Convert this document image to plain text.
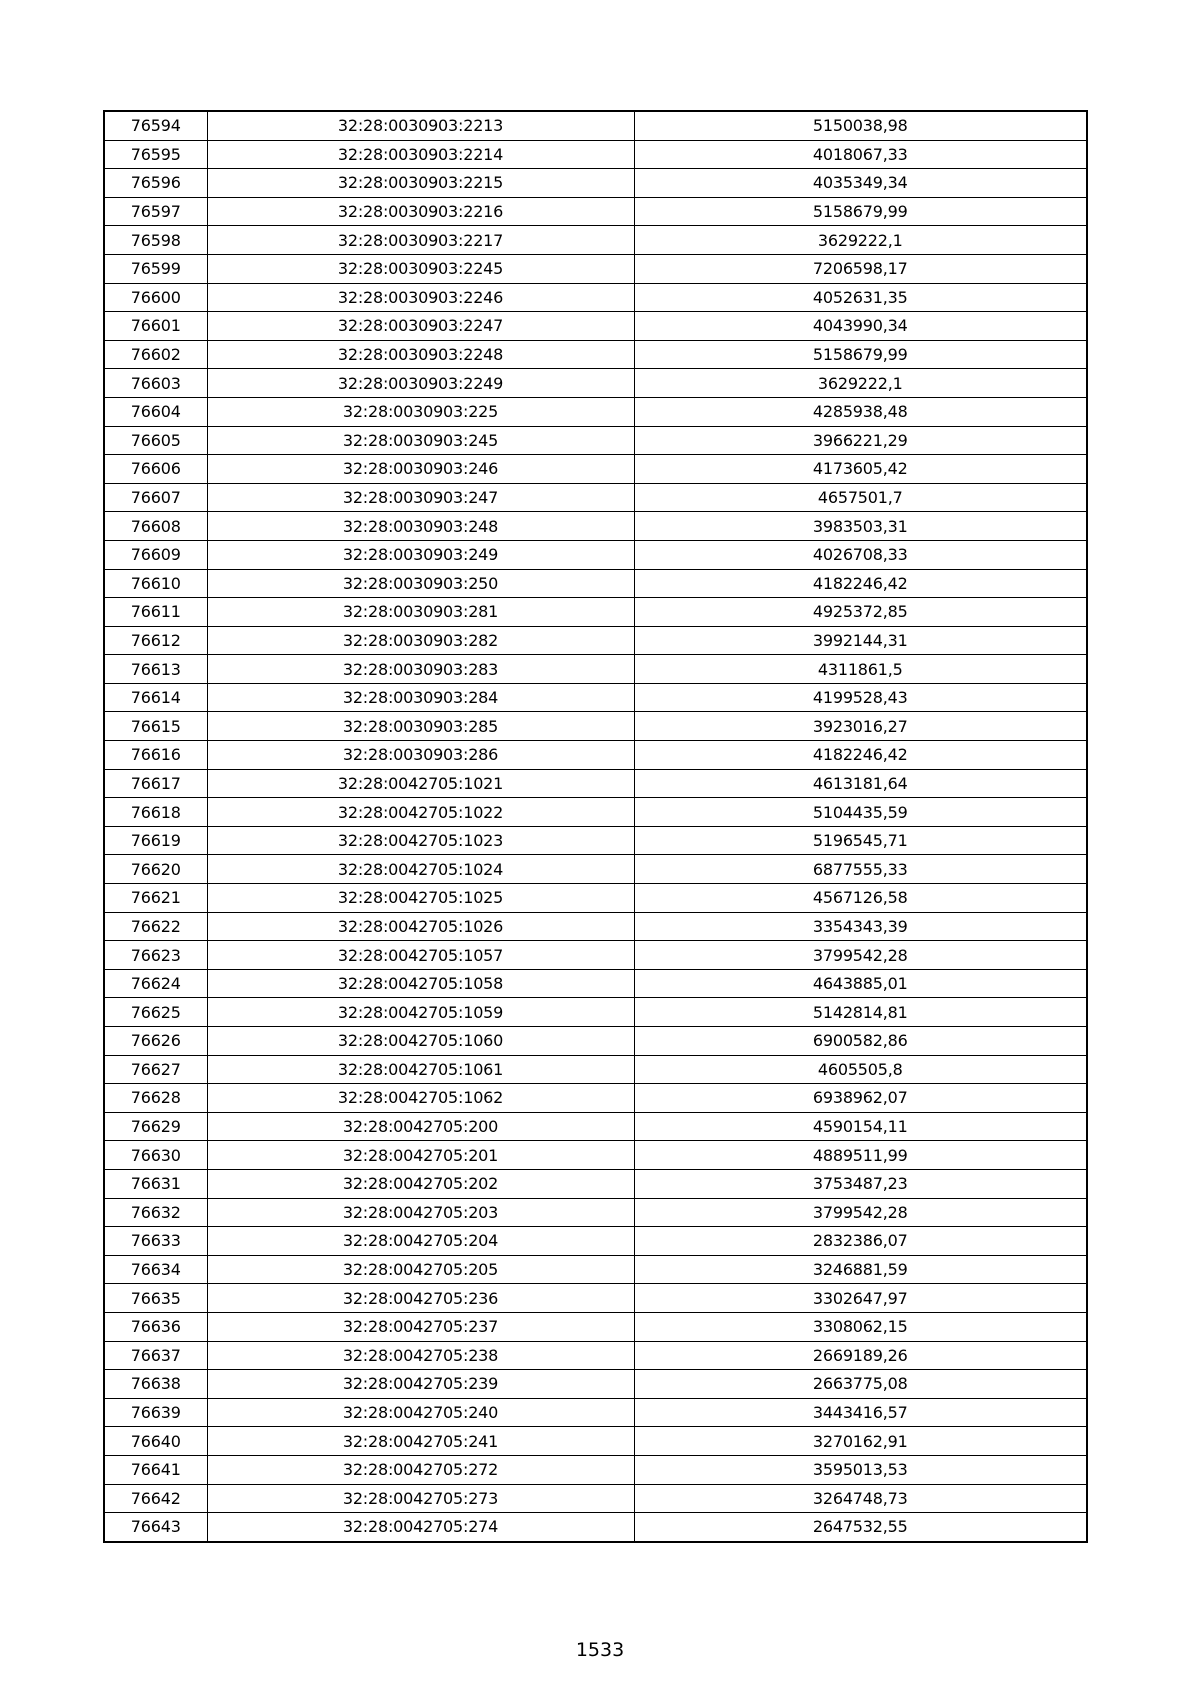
76594	32:28:0030903:2213	5150038,98
76595	32:28:0030903:2214	4018067,33
76596	32:28:0030903:2215	4035349,34
76597	32:28:0030903:2216	5158679,99
76598	32:28:0030903:2217	3629222,1
76599	32:28:0030903:2245	7206598,17
76600	32:28:0030903:2246	4052631,35
76601	32:28:0030903:2247	4043990,34
76602	32:28:0030903:2248	5158679,99
76603	32:28:0030903:2249	3629222,1
76604	32:28:0030903:225	4285938,48
76605	32:28:0030903:245	3966221,29
76606	32:28:0030903:246	4173605,42
76607	32:28:0030903:247	4657501,7
76608	32:28:0030903:248	3983503,31
76609	32:28:0030903:249	4026708,33
76610	32:28:0030903:250	4182246,42
76611	32:28:0030903:281	4925372,85
76612	32:28:0030903:282	3992144,31
76613	32:28:0030903:283	4311861,5
76614	32:28:0030903:284	4199528,43
76615	32:28:0030903:285	3923016,27
76616	32:28:0030903:286	4182246,42
76617	32:28:0042705:1021	4613181,64
76618	32:28:0042705:1022	5104435,59
76619	32:28:0042705:1023	5196545,71
76620	32:28:0042705:1024	6877555,33
76621	32:28:0042705:1025	4567126,58
76622	32:28:0042705:1026	3354343,39
76623	32:28:0042705:1057	3799542,28
76624	32:28:0042705:1058	4643885,01
76625	32:28:0042705:1059	5142814,81
76626	32:28:0042705:1060	6900582,86
76627	32:28:0042705:1061	4605505,8
76628	32:28:0042705:1062	6938962,07
76629	32:28:0042705:200	4590154,11
76630	32:28:0042705:201	4889511,99
76631	32:28:0042705:202	3753487,23
76632	32:28:0042705:203	3799542,28
76633	32:28:0042705:204	2832386,07
76634	32:28:0042705:205	3246881,59
76635	32:28:0042705:236	3302647,97
76636	32:28:0042705:237	3308062,15
76637	32:28:0042705:238	2669189,26
76638	32:28:0042705:239	2663775,08
76639	32:28:0042705:240	3443416,57
76640	32:28:0042705:241	3270162,91
76641	32:28:0042705:272	3595013,53
76642	32:28:0042705:273	3264748,73
76643	32:28:0042705:274	2647532,55
1533
